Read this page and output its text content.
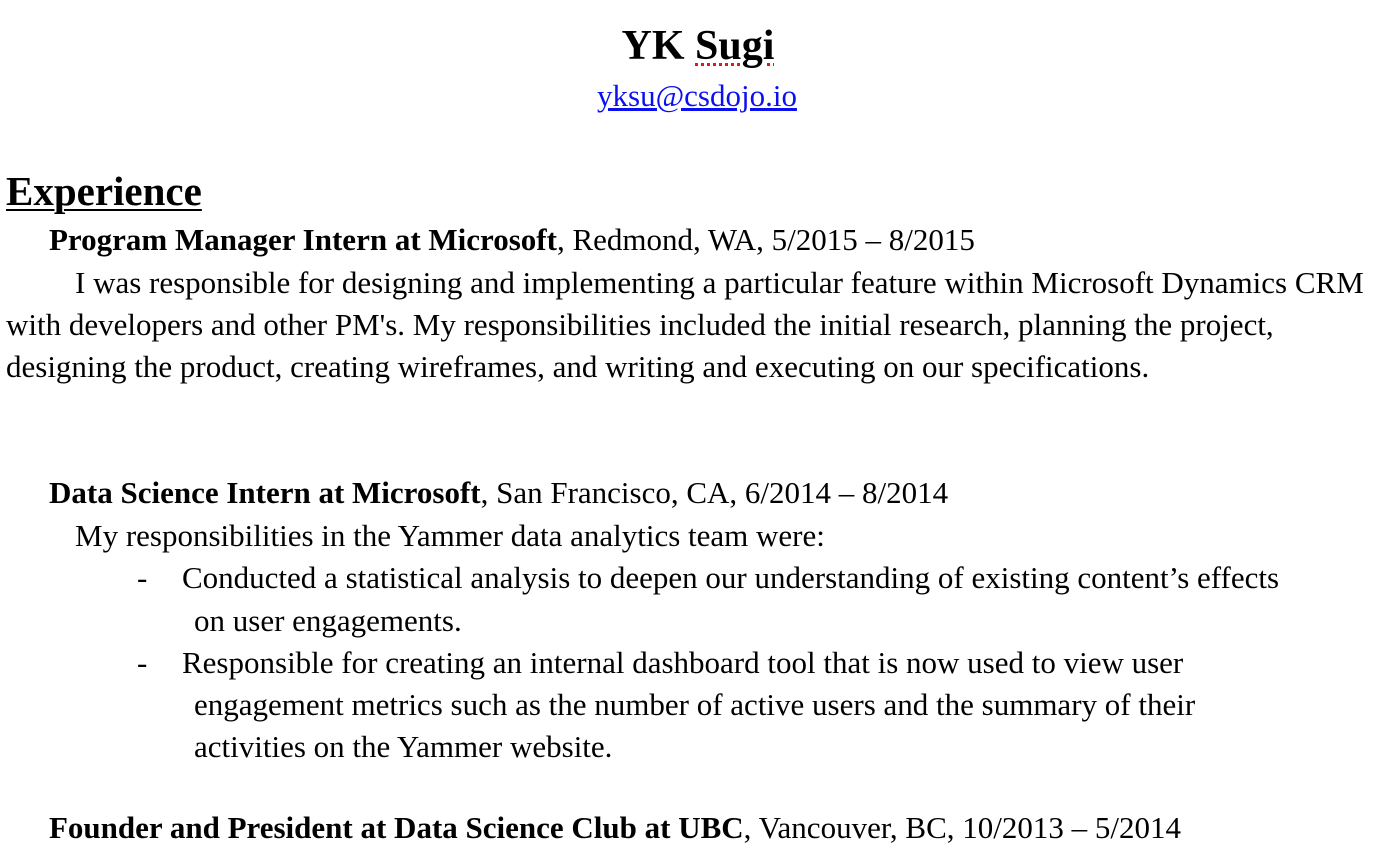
YK Sugi
yksu@csdojo.io
Experience
Program Manager Intern at Microsoft, Redmond, WA, 5/2015 – 8/2015
I was responsible for designing and implementing a particular feature within Microsoft Dynamics CRM with developers and other PM's. My responsibilities included the initial research, planning the project, designing the product, creating wireframes, and writing and executing on our specifications.
Data Science Intern at Microsoft, San Francisco, CA, 6/2014 – 8/2014
My responsibilities in the Yammer data analytics team were:
- Conducted a statistical analysis to deepen our understanding of existing content’s effects
on user engagements.
- Responsible for creating an internal dashboard tool that is now used to view user
engagement metrics such as the number of active users and the summary of their
activities on the Yammer website.
Founder and President at Data Science Club at UBC, Vancouver, BC, 10/2013 – 5/2014
